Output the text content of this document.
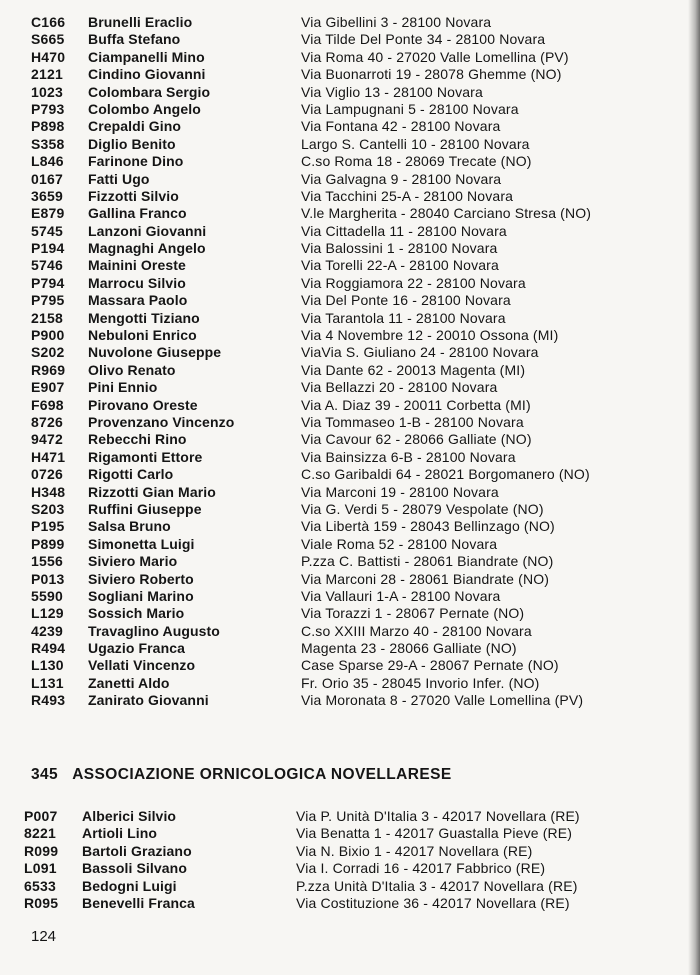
C166 Brunelli Eraclio	Via Gibellini 3 - 28100 Novara
S665 Buffa Stefano	Via Tilde Del Ponte 34 - 28100 Novara
H470 Ciampanelli Mino	Via Roma 40 - 27020 Valle Lomellina (PV)
2121 Cindino Giovanni	Via Buonarroti 19 - 28078 Ghemme (NO)
1023 Colombara Sergio	Via Viglio 13 - 28100 Novara
P793 Colombo Angelo	Via Lampugnani 5 - 28100 Novara
P898 Crepaldi Gino	Via Fontana 42 - 28100 Novara
S358 Diglio Benito	Largo S. Cantelli 10 - 28100 Novara
L846 Farinone Dino	C.so Roma 18 - 28069 Trecate (NO)
0167 Fatti Ugo	Via Galvagna 9 - 28100 Novara
3659 Fizzotti Silvio	Via Tacchini 25-A - 28100 Novara
E879 Gallina Franco	V.le Margherita - 28040 Carciano Stresa (NO)
5745 Lanzoni Giovanni	Via Cittadella 11 - 28100 Novara
P194 Magnaghi Angelo	Via Balossini 1 - 28100 Novara
5746 Mainini Oreste	Via Torelli 22-A - 28100 Novara
P794 Marrocu Silvio	Via Roggiamora 22 - 28100 Novara
P795 Massara Paolo	Via Del Ponte 16 - 28100 Novara
2158 Mengotti Tiziano	Via Tarantola 11 - 28100 Novara
P900 Nebuloni Enrico	Via 4 Novembre 12 - 20010 Ossona (MI)
S202 Nuvolone Giuseppe	ViaVia S. Giuliano 24 - 28100 Novara
R969 Olivo Renato	Via Dante 62 - 20013 Magenta (MI)
E907 Pini Ennio	Via Bellazzi 20 - 28100 Novara
F698 Pirovano Oreste	Via A. Diaz 39 - 20011 Corbetta (MI)
8726 Provenzano Vincenzo	Via Tommaseo 1-B - 28100 Novara
9472 Rebecchi Rino	Via Cavour 62 - 28066 Galliate (NO)
H471 Rigamonti Ettore	Via Bainsizza 6-B - 28100 Novara
0726 Rigotti Carlo	C.so Garibaldi 64 - 28021 Borgomanero (NO)
H348 Rizzotti Gian Mario	Via Marconi 19 - 28100 Novara
S203 Ruffini Giuseppe	Via G. Verdi 5 - 28079 Vespolate (NO)
P195 Salsa Bruno	Via Libertà 159 - 28043 Bellinzago (NO)
P899 Simonetta Luigi	Viale Roma 52 - 28100 Novara
1556 Siviero Mario	P.zza C. Battisti - 28061 Biandrate (NO)
P013 Siviero Roberto	Via Marconi 28 - 28061 Biandrate (NO)
5590 Sogliani Marino	Via Vallauri 1-A - 28100 Novara
L129 Sossich Mario	Via Torazzi 1 - 28067 Pernate (NO)
4239 Travaglino Augusto	C.so XXIII Marzo 40 - 28100 Novara
R494 Ugazio Franca	Magenta 23 - 28066 Galliate (NO)
L130 Vellati Vincenzo	Case Sparse 29-A - 28067 Pernate (NO)
L131 Zanetti Aldo	Fr. Orio 35 - 28045 Invorio Infer. (NO)
R493 Zanirato Giovanni	Via Moronata 8 - 27020 Valle Lomellina (PV)
345 ASSOCIAZIONE ORNICOLOGICA NOVELLARESE
P007 Alberici Silvio	Via P. Unità D'Italia 3 - 42017 Novellara (RE)
8221 Artioli Lino	Via Benatta 1 - 42017 Guastalla Pieve (RE)
R099 Bartoli Graziano	Via N. Bixio 1 - 42017 Novellara (RE)
L091 Bassoli Silvano	Via I. Corradi 16 - 42017 Fabbrico (RE)
6533 Bedogni Luigi	P.zza Unità D'Italia 3 - 42017 Novellara (RE)
R095 Benevelli Franca	Via Costituzione 36 - 42017 Novellara (RE)
124
